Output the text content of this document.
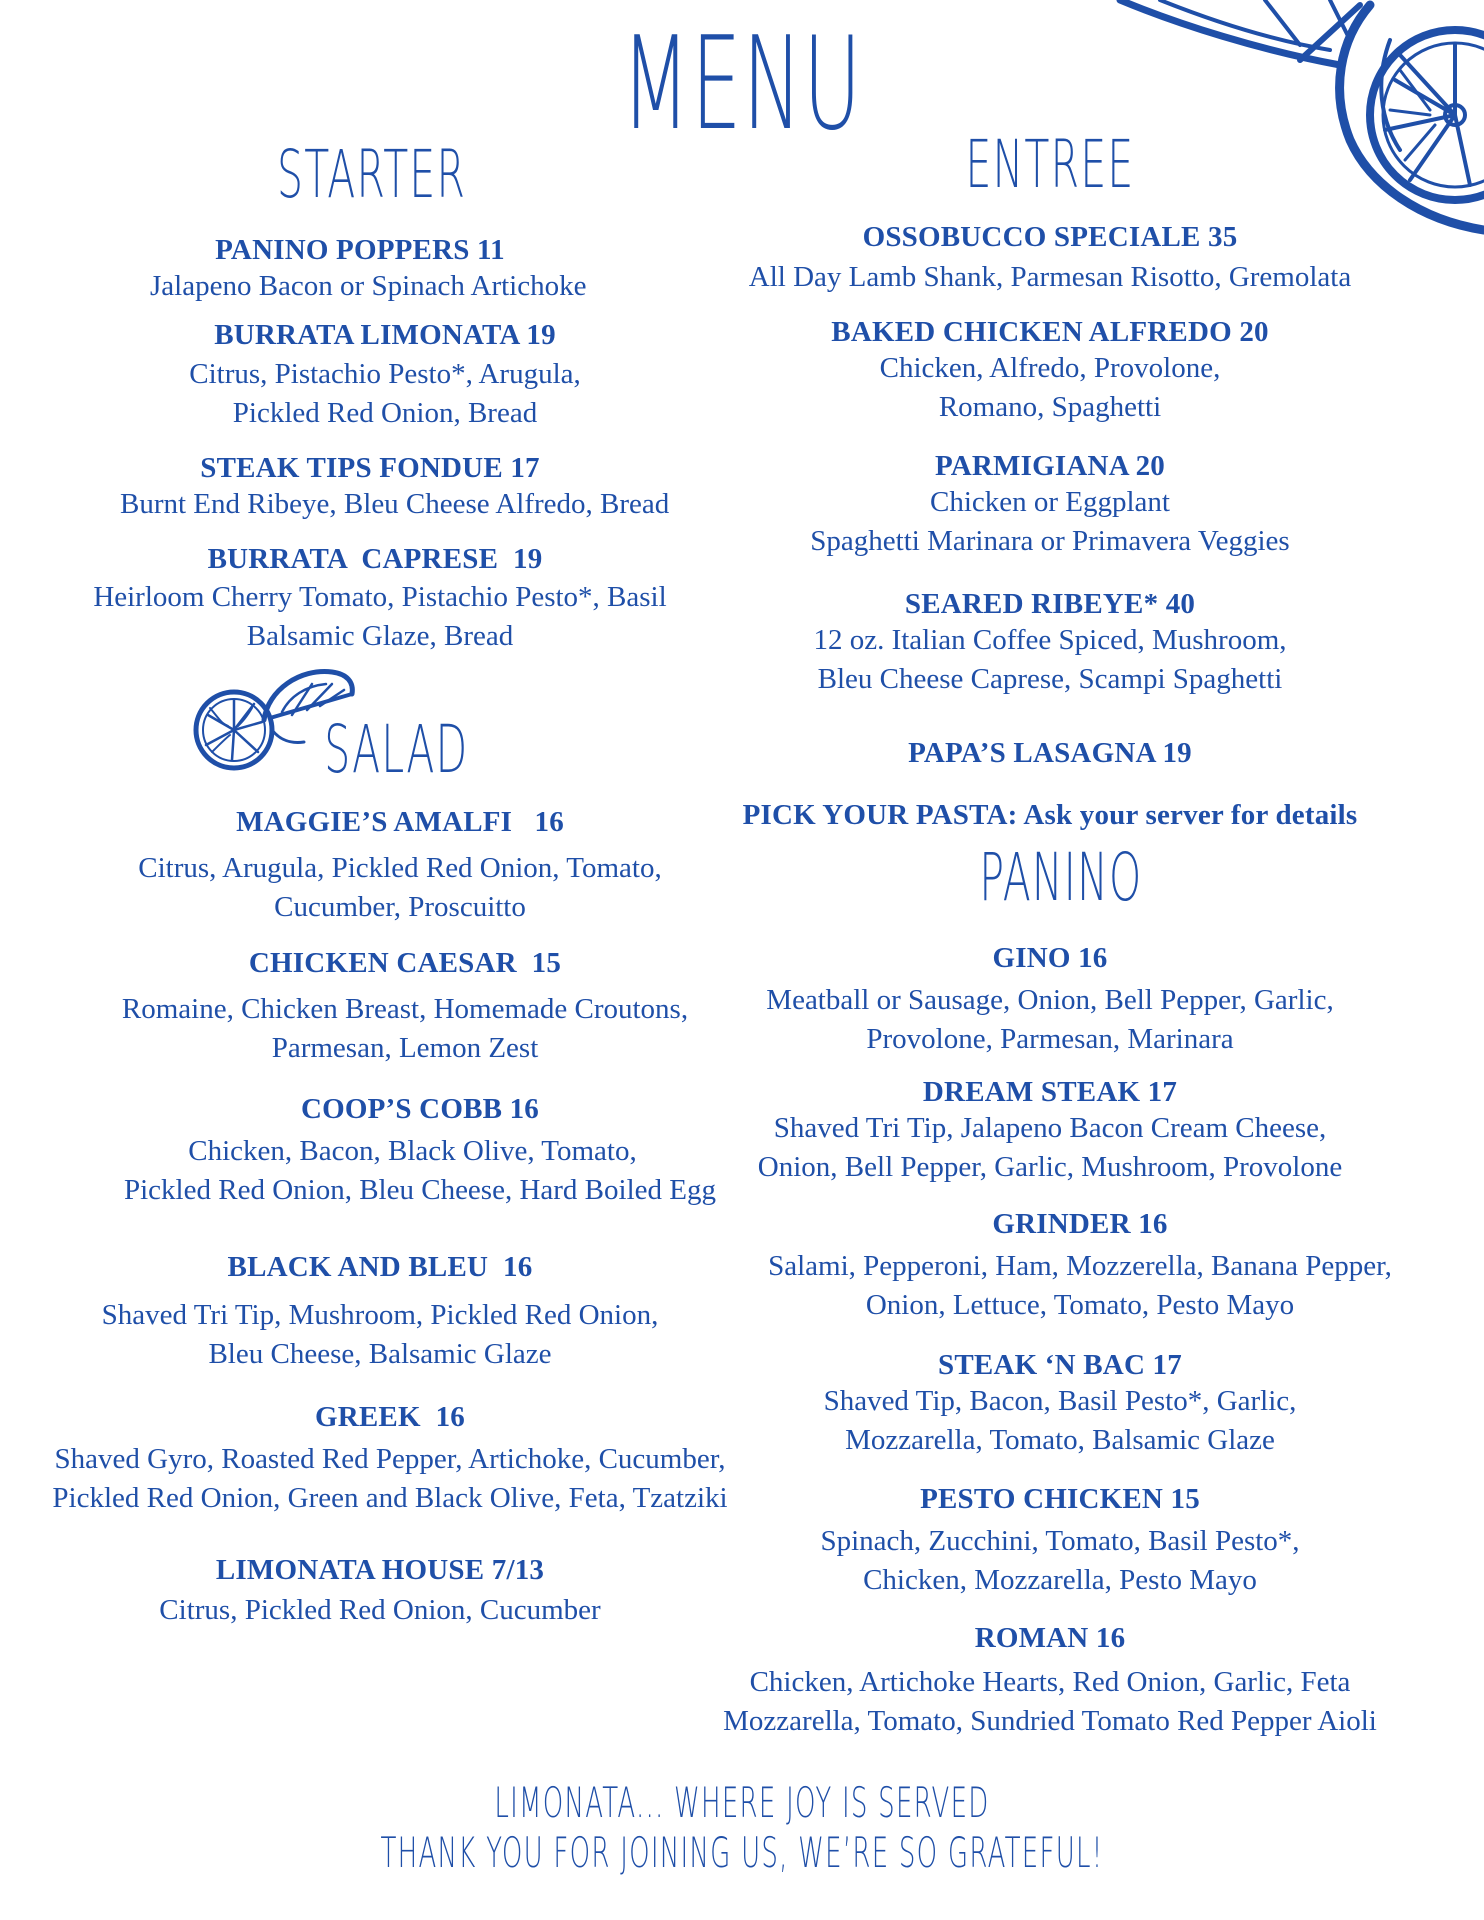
MENU
STARTER	ENTREE
SALAD
PANINO
PANINO POPPERS 11
Jalapeno Bacon or Spinach Artichoke
BURRATA LIMONATA 19
Citrus, Pistachio Pesto*, Arugula,
Pickled Red Onion, Bread
STEAK TIPS FONDUE 17
Burnt End Ribeye, Bleu Cheese Alfredo, Bread
BURRATA  CAPRESE  19
Heirloom Cherry Tomato, Pistachio Pesto*, Basil
Balsamic Glaze, Bread
MAGGIE’S AMALFI   16
Citrus, Arugula, Pickled Red Onion, Tomato,
Cucumber, Proscuitto
CHICKEN CAESAR  15
Romaine, Chicken Breast, Homemade Croutons,
Parmesan, Lemon Zest
COOP’S COBB 16
Chicken, Bacon, Black Olive, Tomato,
Pickled Red Onion, Bleu Cheese, Hard Boiled Egg
BLACK AND BLEU  16
Shaved Tri Tip, Mushroom, Pickled Red Onion,
Bleu Cheese, Balsamic Glaze
GREEK  16
Shaved Gyro, Roasted Red Pepper, Artichoke, Cucumber,
Pickled Red Onion, Green and Black Olive, Feta, Tzatziki
LIMONATA HOUSE 7/13
Citrus, Pickled Red Onion, Cucumber
OSSOBUCCO SPECIALE 35
All Day Lamb Shank, Parmesan Risotto, Gremolata
BAKED CHICKEN ALFREDO 20
Chicken, Alfredo, Provolone,
Romano, Spaghetti
PARMIGIANA 20
Chicken or Eggplant
Spaghetti Marinara or Primavera Veggies
SEARED RIBEYE* 40
12 oz. Italian Coffee Spiced, Mushroom,
Bleu Cheese Caprese, Scampi Spaghetti
PAPA’S LASAGNA 19
PICK YOUR PASTA: Ask your server for details
GINO 16
Meatball or Sausage, Onion, Bell Pepper, Garlic,
Provolone, Parmesan, Marinara
DREAM STEAK 17
Shaved Tri Tip, Jalapeno Bacon Cream Cheese,
Onion, Bell Pepper, Garlic, Mushroom, Provolone
GRINDER 16
Salami, Pepperoni, Ham, Mozzerella, Banana Pepper,
Onion, Lettuce, Tomato, Pesto Mayo
STEAK ‘N BAC 17
Shaved Tip, Bacon, Basil Pesto*, Garlic,
Mozzarella, Tomato, Balsamic Glaze
PESTO CHICKEN 15
Spinach, Zucchini, Tomato, Basil Pesto*,
Chicken, Mozzarella, Pesto Mayo
ROMAN 16
Chicken, Artichoke Hearts, Red Onion, Garlic, Feta
Mozzarella, Tomato, Sundried Tomato Red Pepper Aioli
LIMONATA... WHERE JOY IS SERVED
THANK YOU FOR JOINING US, WE’RE SO GRATEFUL!
